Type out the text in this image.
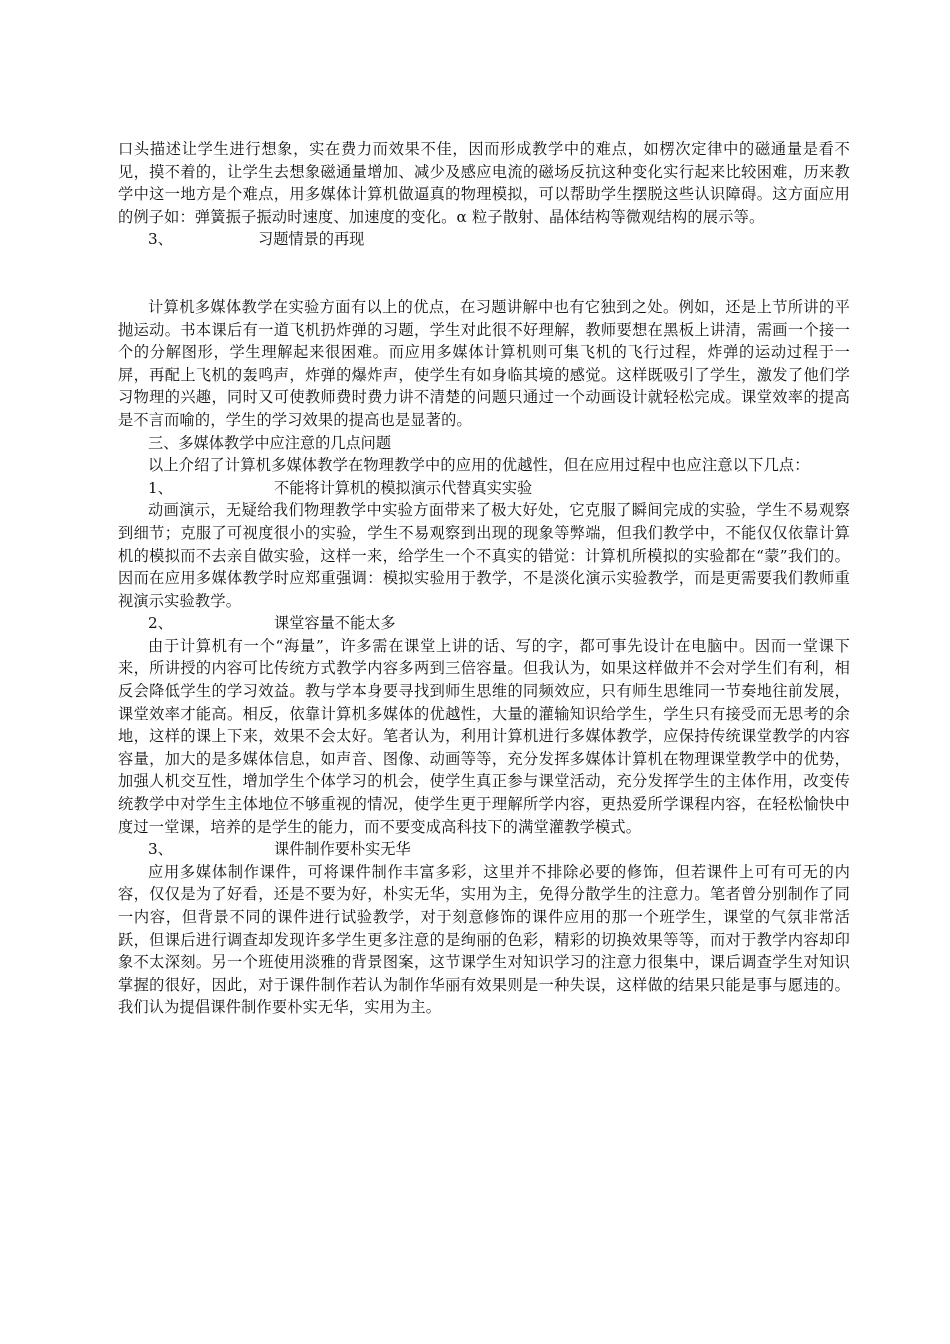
口头描述让学生进行想象，实在费力而效果不佳，因而形成教学中的难点，如楞次定律中的磁通量是看不见，摸不着的，让学生去想象磁通量增加、减少及感应电流的磁场反抗这种变化实行起来比较困难，历来教学中这一地方是个难点，用多媒体计算机做逼真的物理模拟，可以帮助学生摆脱这些认识障碍。这方面应用的例子如：弹簧振子振动时速度、加速度的变化。α 粒子散射、晶体结构等微观结构的展示等。

3、	习题情景的再现

计算机多媒体教学在实验方面有以上的优点，在习题讲解中也有它独到之处。例如，还是上节所讲的平抛运动。书本课后有一道飞机扔炸弹的习题，学生对此很不好理解，教师要想在黑板上讲清，需画一个接一个的分解图形，学生理解起来很困难。而应用多媒体计算机则可集飞机的飞行过程，炸弹的运动过程于一屏，再配上飞机的轰鸣声，炸弹的爆炸声，使学生有如身临其境的感觉。这样既吸引了学生，激发了他们学习物理的兴趣，同时又可使教师费时费力讲不清楚的问题只通过一个动画设计就轻松完成。课堂效率的提高是不言而喻的，学生的学习效果的提高也是显著的。

三、多媒体教学中应注意的几点问题

以上介绍了计算机多媒体教学在物理教学中的应用的优越性，但在应用过程中也应注意以下几点：

1、	不能将计算机的模拟演示代替真实实验

动画演示，无疑给我们物理教学中实验方面带来了极大好处，它克服了瞬间完成的实验，学生不易观察到细节；克服了可视度很小的实验，学生不易观察到出现的现象等弊端，但我们教学中，不能仅仅依靠计算机的模拟而不去亲自做实验，这样一来，给学生一个不真实的错觉：计算机所模拟的实验都在“蒙”我们的。因而在应用多媒体教学时应郑重强调：模拟实验用于教学，不是淡化演示实验教学，而是更需要我们教师重视演示实验教学。

2、	课堂容量不能太多

由于计算机有一个“海量”，许多需在课堂上讲的话、写的字，都可事先设计在电脑中。因而一堂课下来，所讲授的内容可比传统方式教学内容多两到三倍容量。但我认为，如果这样做并不会对学生们有利，相反会降低学生的学习效益。教与学本身要寻找到师生思维的同频效应，只有师生思维同一节奏地往前发展，课堂效率才能高。相反，依靠计算机多媒体的优越性，大量的灌输知识给学生，学生只有接受而无思考的余地，这样的课上下来，效果不会太好。笔者认为，利用计算机进行多媒体教学，应保持传统课堂教学的内容容量，加大的是多媒体信息，如声音、图像、动画等等，充分发挥多媒体计算机在物理课堂教学中的优势，加强人机交互性，增加学生个体学习的机会，使学生真正参与课堂活动，充分发挥学生的主体作用，改变传统教学中对学生主体地位不够重视的情况，使学生更于理解所学内容，更热爱所学课程内容，在轻松愉快中度过一堂课，培养的是学生的能力，而不要变成高科技下的满堂灌教学模式。

3、	课件制作要朴实无华

应用多媒体制作课件，可将课件制作丰富多彩，这里并不排除必要的修饰，但若课件上可有可无的内容，仅仅是为了好看，还是不要为好，朴实无华，实用为主，免得分散学生的注意力。笔者曾分别制作了同一内容，但背景不同的课件进行试验教学，对于刻意修饰的课件应用的那一个班学生，课堂的气氛非常活跃，但课后进行调查却发现许多学生更多注意的是绚丽的色彩，精彩的切换效果等等，而对于教学内容却印象不太深刻。另一个班使用淡雅的背景图案，这节课学生对知识学习的注意力很集中，课后调查学生对知识掌握的很好，因此，对于课件制作若认为制作华丽有效果则是一种失误，这样做的结果只能是事与愿违的。我们认为提倡课件制作要朴实无华，实用为主。
